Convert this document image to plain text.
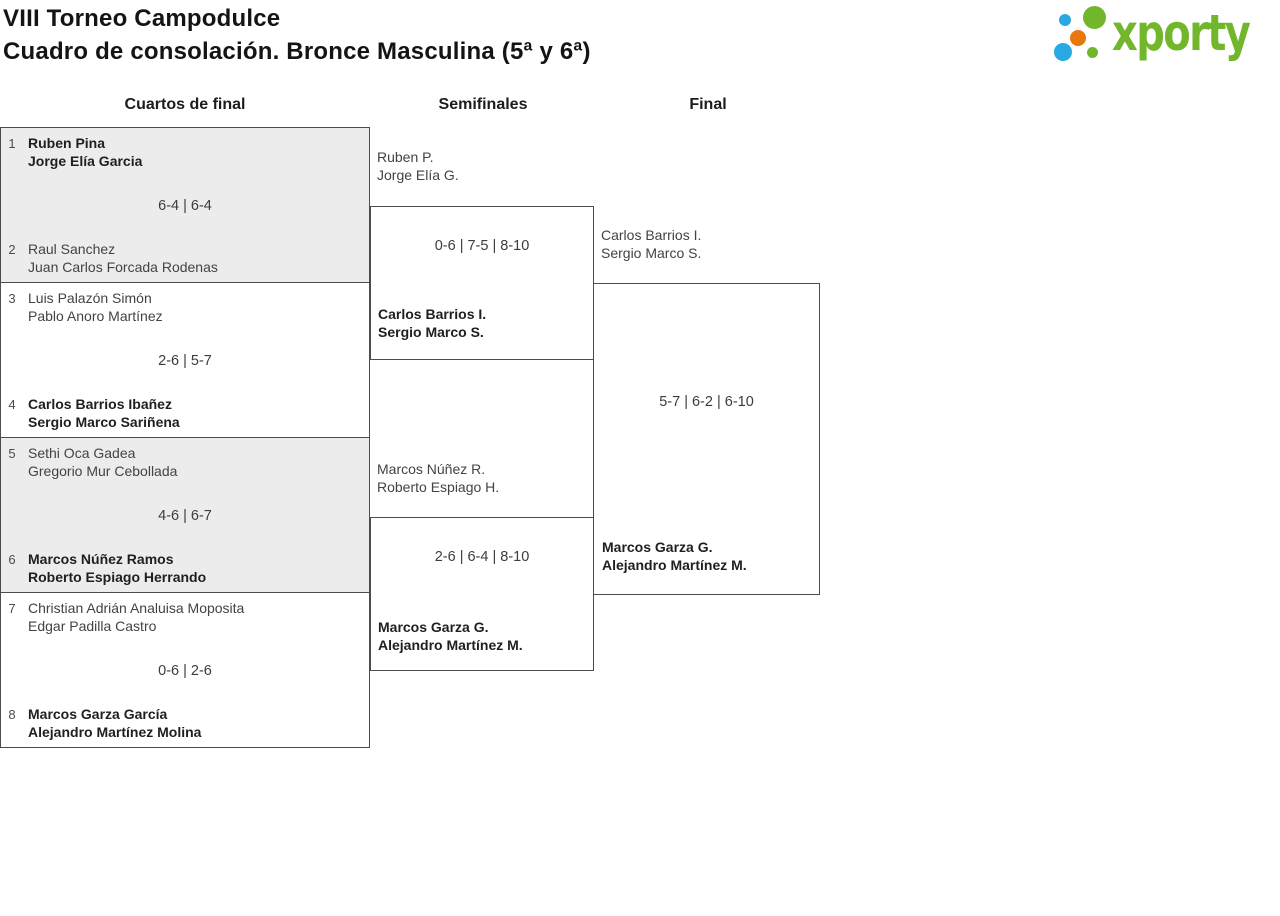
VIII Torneo Campodulce
Cuadro de consolación. Bronce Masculina (5ª y 6ª)	xporty
Cuartos de final	Semifinales	Final
1 Ruben Pina
Jorge Elía Garcia
6-4 | 6-4
2 Raul Sanchez
Juan Carlos Forcada Rodenas
3 Luis Palazón Simón
Pablo Anoro Martínez
2-6 | 5-7
4 Carlos Barrios Ibañez
Sergio Marco Sariñena
5 Sethi Oca Gadea
Gregorio Mur Cebollada
4-6 | 6-7
6 Marcos Núñez Ramos
Roberto Espiago Herrando
7 Christian Adrián Analuisa Moposita
Edgar Padilla Castro
0-6 | 2-6
8 Marcos Garza García
Alejandro Martínez Molina
Ruben P.
Jorge Elía G.
0-6 | 7-5 | 8-10
Carlos Barrios I.
Sergio Marco S.
Marcos Núñez R.
Roberto Espiago H.
2-6 | 6-4 | 8-10
Marcos Garza G.
Alejandro Martínez M.
Carlos Barrios I.
Sergio Marco S.
5-7 | 6-2 | 6-10
Marcos Garza G.
Alejandro Martínez M.
